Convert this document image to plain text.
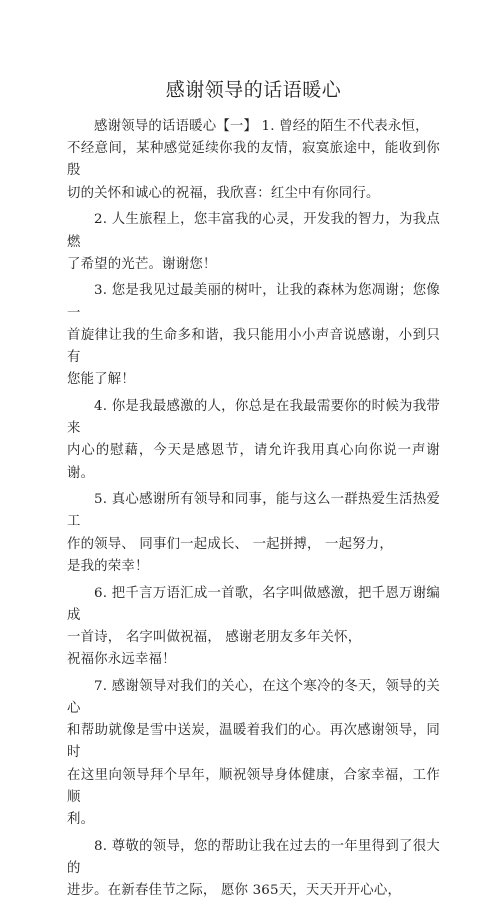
感谢领导的话语暖心
感谢领导的话语暖心【一】 1. 曾经的陌生不代表永恒，
不经意间，某种感觉延续你我的友情，寂寞旅途中，能收到你殷
切的关怀和诚心的祝福，我欣喜：红尘中有你同行。
2. 人生旅程上，您丰富我的心灵，开发我的智力，为我点燃
了希望的光芒。谢谢您！
3. 您是我见过最美丽的树叶，让我的森林为您凋谢；您像一
首旋律让我的生命多和谐，我只能用小小声音说感谢，小到只有
您能了解！
4. 你是我最感激的人，你总是在我最需要你的时候为我带来
内心的慰藉，今天是感恩节，请允许我用真心向你说一声谢谢。
5. 真心感谢所有领导和同事，能与这么一群热爱生活热爱工
作的领导、 同事们一起成长、 一起拼搏， 一起努力，
是我的荣幸！
6. 把千言万语汇成一首歌，名字叫做感激，把千恩万谢编成
一首诗， 名字叫做祝福， 感谢老朋友多年关怀，
祝福你永远幸福！
7. 感谢领导对我们的关心，在这个寒冷的冬天，领导的关心
和帮助就像是雪中送炭，温暖着我们的心。再次感谢领导，同时
在这里向领导拜个早年，顺祝领导身体健康，合家幸福，工作顺
利。
8. 尊敬的领导，您的帮助让我在过去的一年里得到了很大的
进步。在新春佳节之际， 愿你 365天，天天开开心心，
